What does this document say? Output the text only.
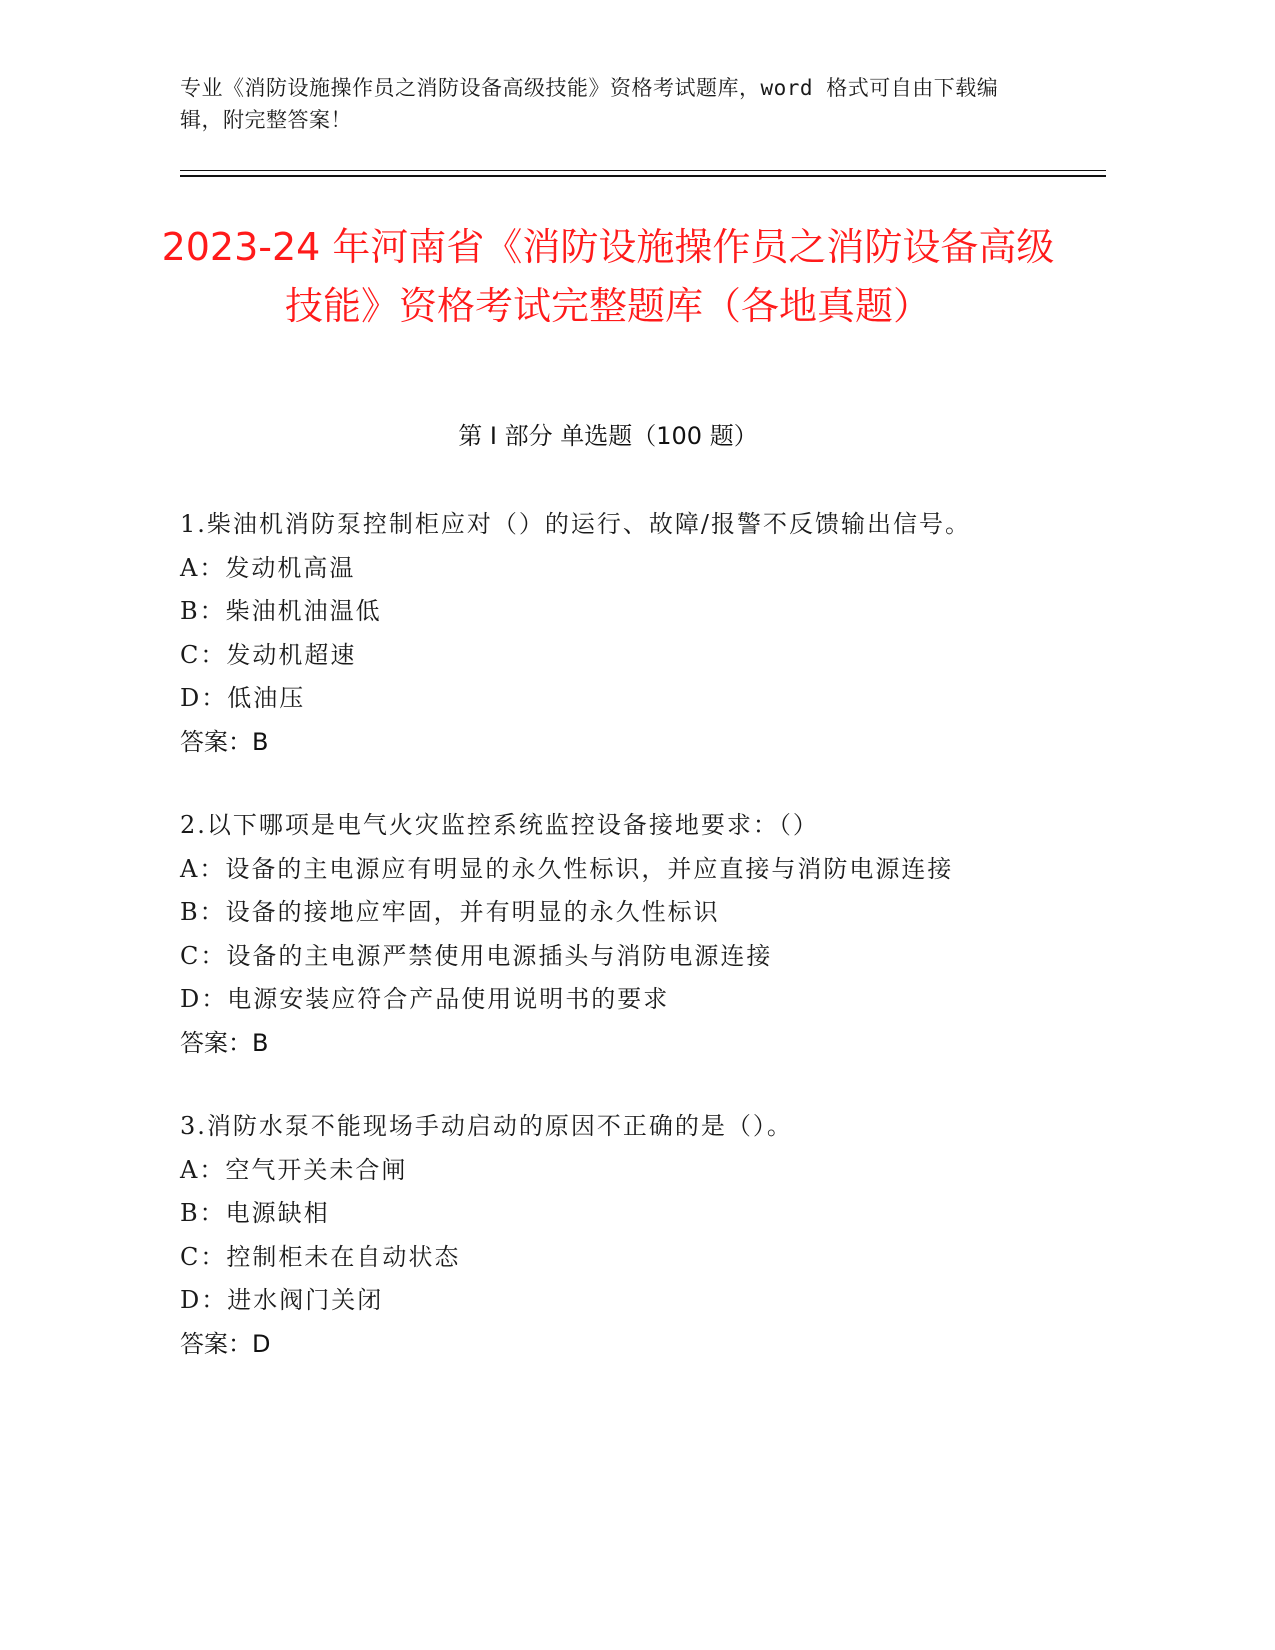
专业《消防设施操作员之消防设备高级技能》资格考试题库，word 格式可自由下载编辑，附完整答案！

2023-24 年河南省《消防设施操作员之消防设备高级技能》资格考试完整题库（各地真题）
第 I 部分 单选题（100 题）
1.柴油机消防泵控制柜应对（）的运行、故障/报警不反馈输出信号。
A：发动机高温
B：柴油机油温低
C：发动机超速
D：低油压
答案：B
2.以下哪项是电气火灾监控系统监控设备接地要求：（）
A：设备的主电源应有明显的永久性标识，并应直接与消防电源连接
B：设备的接地应牢固，并有明显的永久性标识
C：设备的主电源严禁使用电源插头与消防电源连接
D：电源安装应符合产品使用说明书的要求
答案：B
3.消防水泵不能现场手动启动的原因不正确的是（）。
A：空气开关未合闸
B：电源缺相
C：控制柜未在自动状态
D：进水阀门关闭
答案：D
